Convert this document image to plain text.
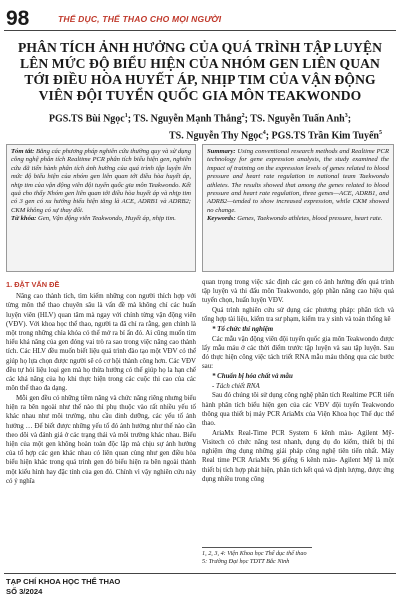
98	THỂ DỤC, THỂ THAO CHO MỌI NGƯỜI
PHÂN TÍCH ẢNH HƯỞNG CỦA QUÁ TRÌNH TẬP LUYỆN LÊN MỨC ĐỘ BIỂU HIỆN CỦA NHÓM GEN LIÊN QUAN TỚI ĐIỀU HÒA HUYẾT ÁP, NHỊP TIM CỦA VẬN ĐỘNG VIÊN ĐỘI TUYỂN QUỐC GIA MÔN TEAKWONDO
PGS.TS Bùi Ngọc$^1$; TS. Nguyễn Mạnh Thắng$^2$; TS. Nguyễn Tuấn Anh$^3$;
TS. Nguyễn Thy Ngọc$^4$; PGS.TS Trần Kim Tuyến$^5$
Tóm tắt: Bằng các phương pháp nghiên cứu thường quy và sử dụng công nghệ phân tích Realtime PCR phân tích biểu hiện gen, nghiên cứu đã tiến hành phân tích ảnh hưởng của quá trình tập luyện lên mức độ biểu hiện của nhóm gen liên quan tới điều hòa huyết áp, nhịp tim của vận động viên đội tuyển quốc gia môn Teakwondo. Kết quả cho thấy Nhóm gen liên quan tới điều hòa huyết áp và nhịp tim có 3 gen có xu hướng biểu hiện tăng là ACE, ADRB1 và ADRB2; CKM không có sự thay đổi.
Từ khóa: Gen, Vận động viên Teakwondo, Huyết áp, nhịp tim.
Summary: Using conventional research methods and Realtime PCR technology for gene expression analysis, the study examined the impact of training on the expression levels of genes related to blood pressure and heart rate regulation in national team Taekwondo athletes. The results showed that among the genes related to blood pressure and heart rate regulation, three genes—ACE, ADRB1, and ADRB2—tended to show increased expression, while CKM showed no change.
Keywords: Genes, Taekwondo athletes, blood pressure, heart rate.
1. ĐẶT VẤN ĐỀ

Nâng cao thành tích, tìm kiếm những con người thích hợp với từng môn thể thao chuyên sâu là vấn đề mà không chỉ các huấn luyện viên (HLV) quan tâm mà ngay với chính từng vận động viên (VĐV). Với khoa học thể thao, người ta đã chỉ ra rằng, gen chính là một trong những chìa khóa có thể mở ra bí ẩn đó. Ai cũng muốn tìm hiểu khả năng của gen đóng vai trò ra sao trong việc nâng cao thành tích. Các HLV đều muốn biết liệu quá trình đào tạo một VĐV có thể giúp họ lựa chọn được người sẽ có cơ hội thành công hơn. Các VĐV đều tự hỏi liệu loại gen mà họ thừa hưởng có thể giúp họ la hạn chế các khả năng của họ khi thực hiện trong các cuộc thi cao của các môn thể thao đa dạng.

Mỗi gen đều có những tiềm năng và chức năng riêng nhưng biểu hiện ra bên ngoài như thế nào thì phụ thuộc vào rất nhiều yếu tố khác nhau như môi trường, nhu cầu dinh dưỡng, các yếu tố ảnh hưởng … Để biết được những yếu tố đó ảnh hưởng như thế nào cần theo dõi và đánh giá ở các trạng thái và môi trường khác nhau. Biểu hiện của một gen không hoàn toàn độc lập mà chịu sự ảnh hưởng của tổ hợp các gen khác nhau có liên quan cùng như gen điều hòa biểu hiện khác trong quá trình gen đó biểu hiện ra bên ngoài thành một kiểu hình hay đặc tính của gen đó. Chính vì vậy nghiên cứu này có ý nghĩa

quan trọng trong việc xác định các gen có ảnh hưởng đến quá trình tập luyện và thi đấu môn Teakwondo, góp phần nâng cao hiệu quả tuyển chọn, huấn luyện VĐV.

Quá trình nghiên cứu sử dụng các phương pháp: phân tích và tổng hợp tài liệu, kiểm tra sư phạm, kiểm tra y sinh và toán thống kê

* Tổ chức thí nghiệm

Các mẫu vận động viên đội tuyển quốc gia môn Teakwondo được lấy mẫu máu ở các thời điểm trước tập luyện và sau tập luyện. Sau đó thực hiện công việc tách triết RNA mẫu máu thông qua các bước sau:

* Chuẩn bị hóa chất và mẫu

- Tách chiết RNA

Sau đó chúng tôi sử dụng công nghệ phân tích Realtime PCR tiến hành phân tích biểu hiện gen của các VĐV đội tuyển Teakwondo thông qua thiết bị máy PCR AriaMx của Viện Khoa học Thể dục thể thao.

AriaMx Real-Time PCR System 6 kênh màu- Agilent Mỹ- Visitech có chức năng test nhanh, dụng dụ đo kiểm, thiết bị thí nghiệm ứng dụng những giải pháp công nghệ tiên tiến nhất. Máy Real time PCR AriaMx 96 giếng 6 kênh màu- Agilent Mỹ là một thiết bị tích hợp phát hiện, phân tích kết quả và định lượng, được ứng dụng nhiều trong công

1, 2, 3, 4: Viện Khoa học Thể dục thể thao
5: Trường Đại học TDTT Bắc Ninh
TẠP CHÍ KHOA HỌC THỂ THAO
SỐ 3/2024
